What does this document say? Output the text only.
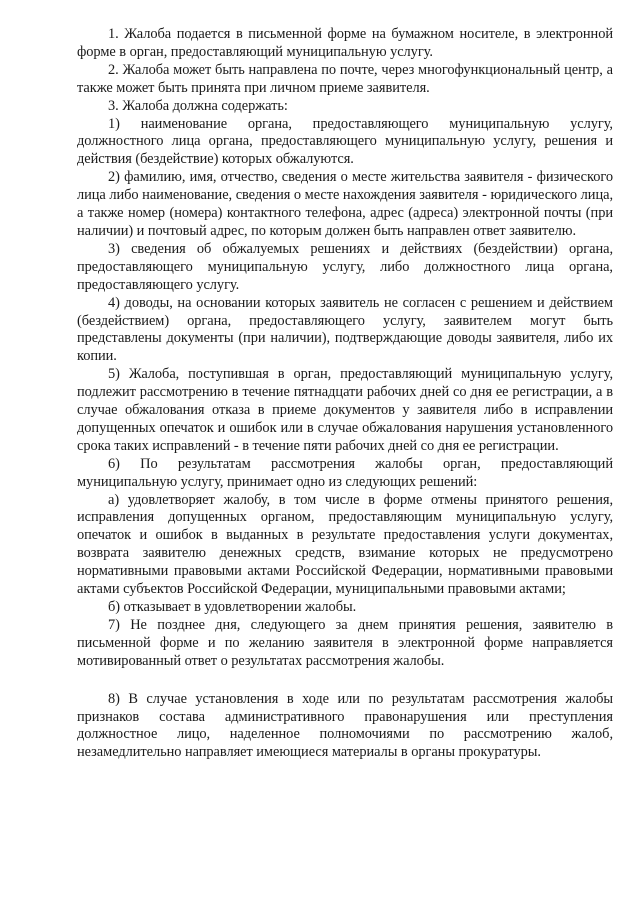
1. Жалоба подается в письменной форме на бумажном носителе, в электронной форме в орган, предоставляющий муниципальную услугу.

2. Жалоба может быть направлена по почте, через многофункциональный центр, а также может быть принята при личном приеме заявителя.

3. Жалоба должна содержать:

1) наименование органа, предоставляющего муниципальную услугу, должностного лица органа, предоставляющего муниципальную услугу, решения и действия (бездействие) которых обжалуются.

2) фамилию, имя, отчество, сведения о месте жительства заявителя - физического лица либо наименование, сведения о месте нахождения заявителя - юридического лица, а также номер (номера) контактного телефона, адрес (адреса) электронной почты (при наличии) и почтовый адрес, по которым должен быть направлен ответ заявителю.

3) сведения об обжалуемых решениях и действиях (бездействии) органа, предоставляющего муниципальную услугу, либо должностного лица органа, предоставляющего услугу.

4) доводы, на основании которых заявитель не согласен с решением и действием (бездействием) органа, предоставляющего услугу, заявителем могут быть представлены документы (при наличии), подтверждающие доводы заявителя, либо их копии.

5) Жалоба, поступившая в орган, предоставляющий муниципальную услугу, подлежит рассмотрению в течение пятнадцати рабочих дней со дня ее регистрации, а в случае обжалования отказа в приеме документов у заявителя либо в исправлении допущенных опечаток и ошибок или в случае обжалования нарушения установленного срока таких исправлений - в течение пяти рабочих дней со дня ее регистрации.

6) По результатам рассмотрения жалобы орган, предоставляющий муниципальную услугу, принимает одно из следующих решений:

а) удовлетворяет жалобу, в том числе в форме отмены принятого решения, исправления допущенных органом, предоставляющим муниципальную услугу, опечаток и ошибок в выданных в результате предоставления услуги документах, возврата заявителю денежных средств, взимание которых не предусмотрено нормативными правовыми актами Российской Федерации, нормативными правовыми актами субъектов Российской Федерации, муниципальными правовыми актами;

б) отказывает в удовлетворении жалобы.

7) Не позднее дня, следующего за днем принятия решения, заявителю в письменной форме и по желанию заявителя в электронной форме направляется мотивированный ответ о результатах рассмотрения жалобы.

8) В случае установления в ходе или по результатам рассмотрения жалобы признаков состава административного правонарушения или преступления должностное лицо, наделенное полномочиями по рассмотрению жалоб, незамедлительно направляет имеющиеся материалы в органы прокуратуры.
